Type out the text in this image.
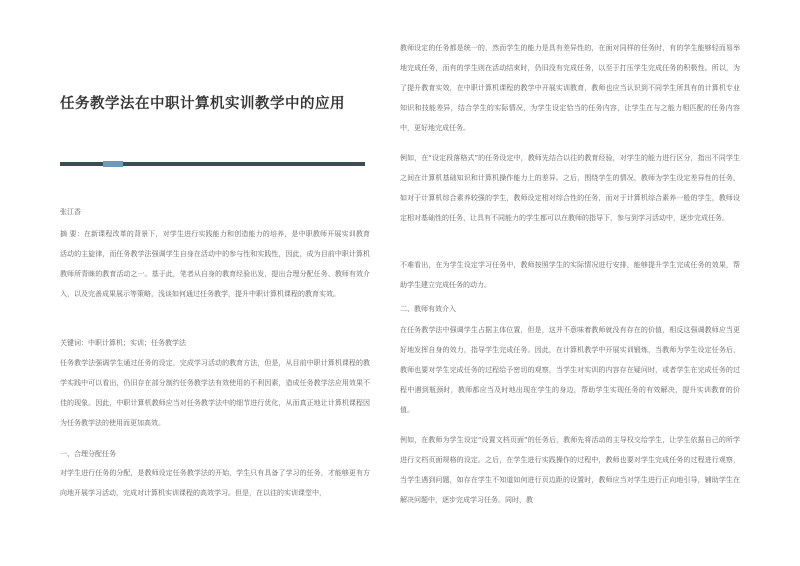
任务教学法在中职计算机实训教学中的应用
张江香

摘 要：在新课程改革的背景下，对学生进行实践能力和创造能力的培养，是中职教师开展实训教育活动的主旋律，而任务教学法强调学生自身在活动中的参与性和实践性，因此，成为目前中职计算机教师所青睐的教育活动之一。基于此，笔者从自身的教育经验出发，提出合理分配任务、教师有效介入，以及完善成果展示等策略，浅谈如何通过任务教学，提升中职计算机课程的教育实效。

关键词：中职计算机；实训；任务教学法

任务教学法强调学生通过任务的设定，完成学习活动的教育方法，但是，从目前中职计算机课程的教学实践中可以看出，仍旧存在部分制约任务教学法有效使用的不利因素，造成任务教学法应用效果不佳的现象。因此，中职计算机教师应当对任务教学法中的细节进行优化，从而真正地让计算机课程因为任务教学法的使用而更加高效。

一、合理分配任务

对学生进行任务的分配，是教师设定任务教学法的开始，学生只有具备了学习的任务，才能够更有方向地开展学习活动，完成对计算机实训课程的高效学习。但是，在以往的实训课堂中，

教师设定的任务都是统一的，然而学生的能力是具有差异性的，在面对同样的任务时，有的学生能够轻而易举地完成任务，而有的学生则在活动结束时，仍旧没有完成任务，以至于打压学生完成任务的积极性。所以，为了提升教育实效，在中职计算机课程的教学中开展实训教育，教师也应当认识到不同学生所具有的计算机专业知识和技能差异，结合学生的实际情况，为学生设定恰当的任务内容，让学生在与之能力相匹配的任务内容中，更好地完成任务。

例如，在“设定段落格式”的任务设定中，教师先结合以往的教育经验，对学生的能力进行区分，指出不同学生之间在计算机基础知识和计算机操作能力上的差异。之后，围绕学生的情况，教师为学生设定差异性的任务，如对于计算机综合素养较强的学生，教师设定相对综合性的任务，而对于计算机综合素养一般的学生，教师设定相对基础性的任务，让具有不同能力的学生都可以在教师的指导下，参与到学习活动中，逐步完成任务。

不难看出，在为学生设定学习任务中，教师按照学生的实际情况进行安排，能够提升学生完成任务的效果，帮助学生建立完成任务的动力。

二、教师有效介入

在任务教学法中强调学生占据主体位置，但是，这并不意味着教师就没有存在的价值，相反这强调教师应当更好地发挥自身的效力，指导学生完成任务。因此，在计算机教学中开展实训锻炼，当教师为学生设定任务后，教师也要对学生完成任务的过程给予密切的观察，当学生对实训的内容存在疑问时，或者学生在完成任务的过程中遇到瓶颈时，教师都应当及时地出现在学生的身边，帮助学生实现任务的有效解决，提升实训教育的价值。

例如，在教师为学生设定“设置文档页面”的任务后，教师先将活动的主导权交给学生，让学生依据自己的所学进行文档页面规格的设定。之后，在学生进行实践操作的过程中，教师也要对学生完成任务的过程进行观察，当学生遇到问题，如存在学生不知道如何进行页边距的设置时，教师应当对学生进行正向地引导，辅助学生在解决问题中，逐步完成学习任务。同时，教
